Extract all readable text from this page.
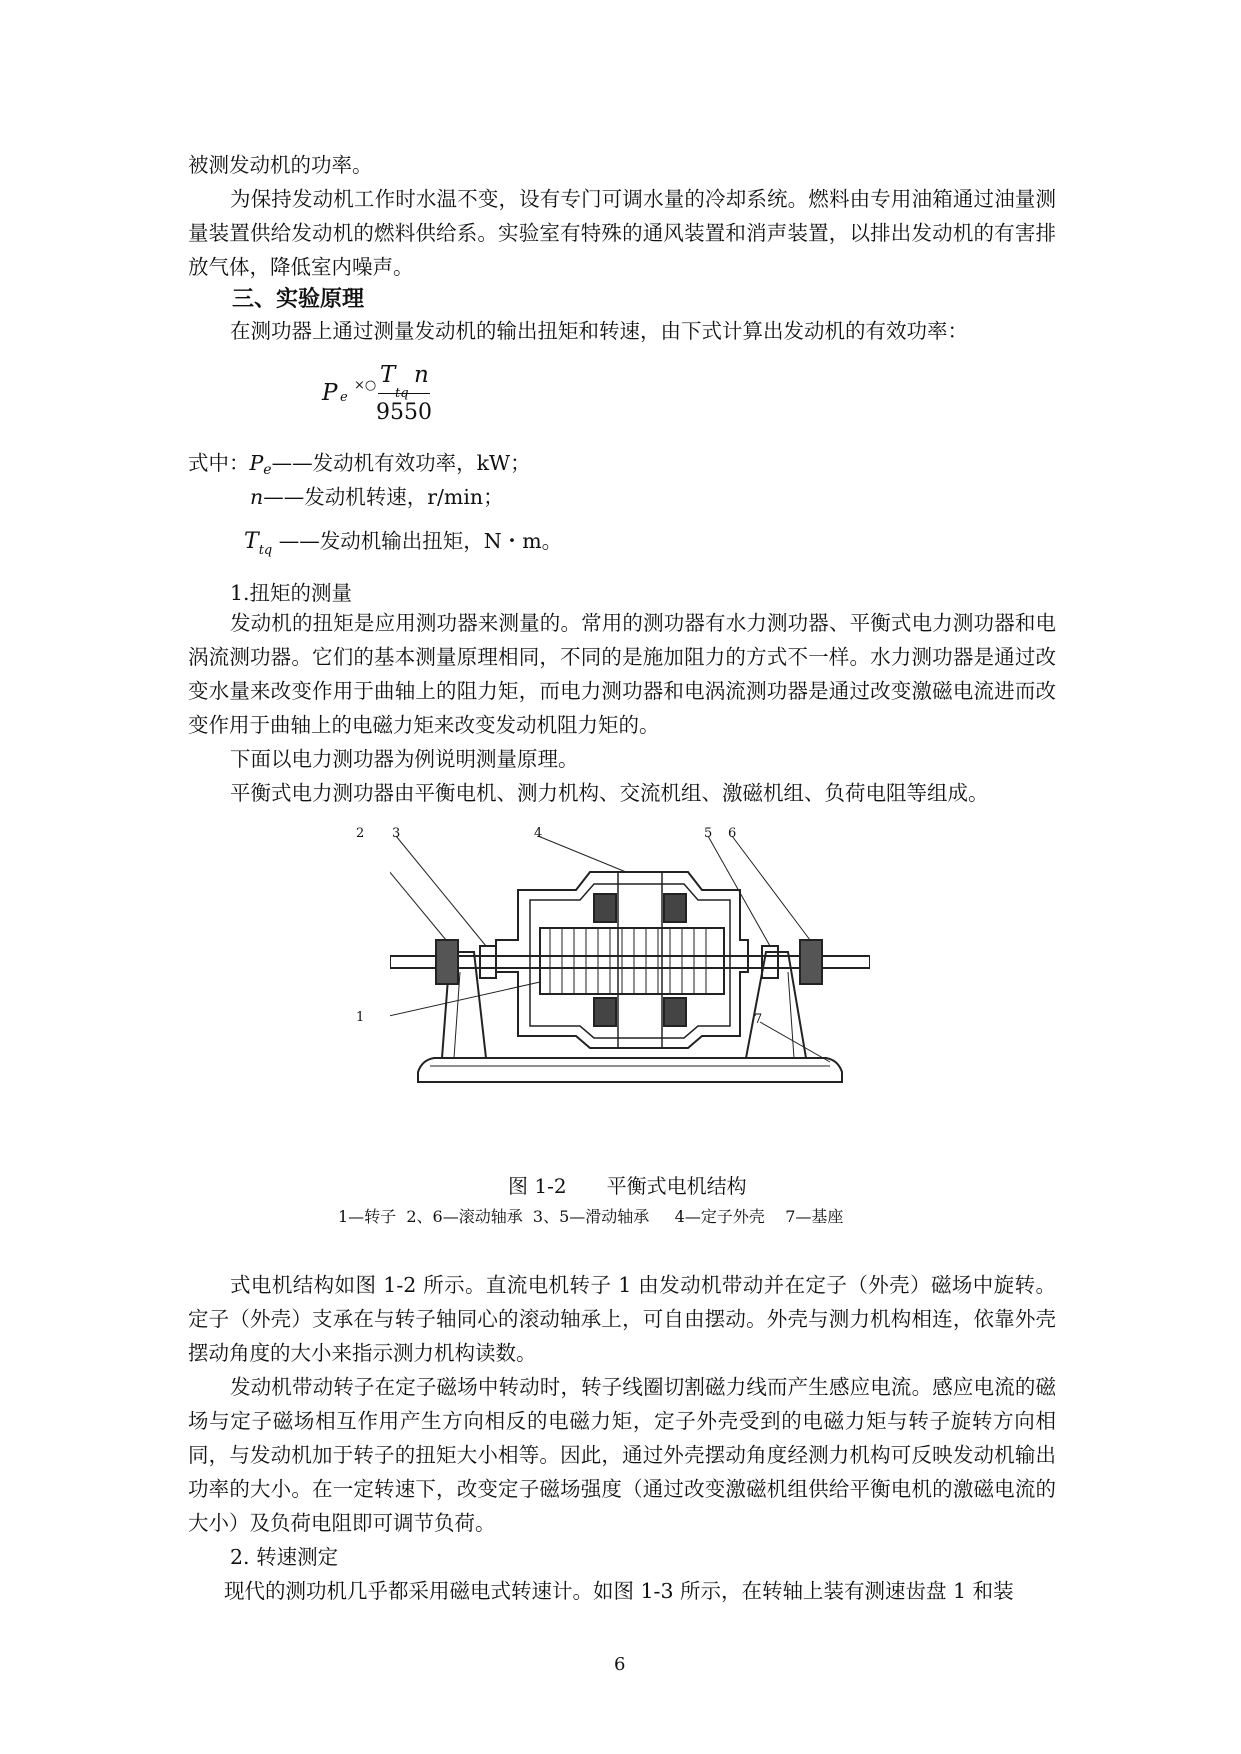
被测发动机的功率。

为保持发动机工作时水温不变，设有专门可调水量的冷却系统。燃料由专用油箱通过油量测量装置供给发动机的燃料供给系。实验室有特殊的通风装置和消声装置，以排出发动机的有害排放气体，降低室内噪声。

三、实验原理

在测功器上通过测量发动机的输出扭矩和转速，由下式计算出发动机的有效功率：

P e
×○ T
tq
n
9550
式中：Pe——发动机有效功率，kW；
n——发动机转速，r/min；
$T_{tq}$ ——发动机输出扭矩，N・m。
1.扭矩的测量

发动机的扭矩是应用测功器来测量的。常用的测功器有水力测功器、平衡式电力测功器和电涡流测功器。它们的基本测量原理相同，不同的是施加阻力的方式不一样。水力测功器是通过改变水量来改变作用于曲轴上的阻力矩，而电力测功器和电涡流测功器是通过改变激磁电流进而改变作用于曲轴上的电磁力矩来改变发动机阻力矩的。

下面以电力测功器为例说明测量原理。

平衡式电力测功器由平衡电机、测力机构、交流机组、激磁机组、负荷电阻等组成。

2 3	4	5 6
1	7
图 1-2 平衡式电机结构
1—转子  2、6—滚动轴承  3、5—滑动轴承     4—定子外壳    7—基座

式电机结构如图 1-2 所示。直流电机转子 1 由发动机带动并在定子（外壳）磁场中旋转。定子（外壳）支承在与转子轴同心的滚动轴承上，可自由摆动。外壳与测力机构相连，依靠外壳摆动角度的大小来指示测力机构读数。

发动机带动转子在定子磁场中转动时，转子线圈切割磁力线而产生感应电流。感应电流的磁场与定子磁场相互作用产生方向相反的电磁力矩，定子外壳受到的电磁力矩与转子旋转方向相同，与发动机加于转子的扭矩大小相等。因此，通过外壳摆动角度经测力机构可反映发动机输出功率的大小。在一定转速下，改变定子磁场强度（通过改变激磁机组供给平衡电机的激磁电流的大小）及负荷电阻即可调节负荷。

2. 转速测定

现代的测功机几乎都采用磁电式转速计。如图 1-3 所示，在转轴上装有测速齿盘 1 和装

6
